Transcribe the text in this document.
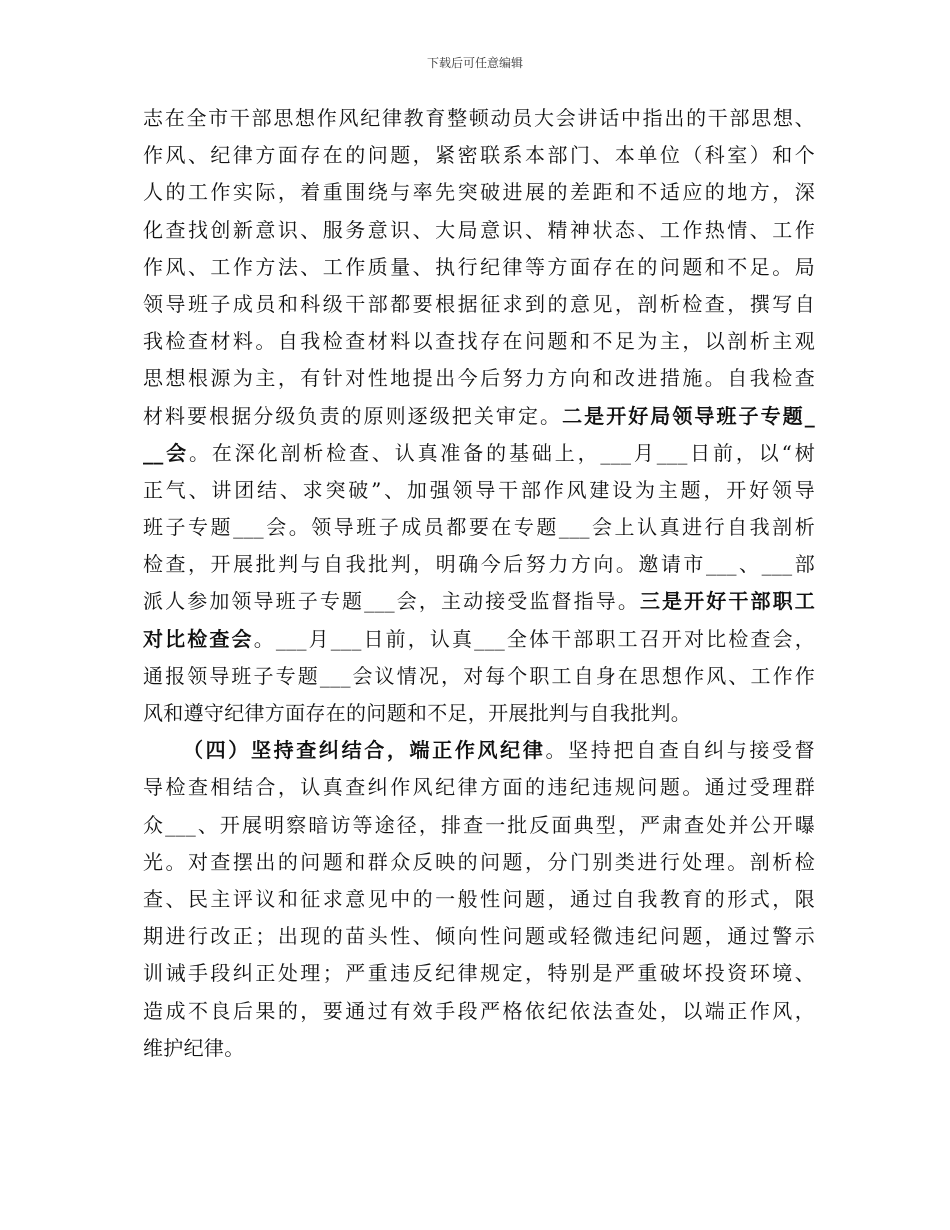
下载后可任意编辑
志在全市干部思想作风纪律教育整顿动员大会讲话中指出的干部思想、
作风、纪律方面存在的问题，紧密联系本部门、本单位（科室）和个
人的工作实际，着重围绕与率先突破进展的差距和不适应的地方，深
化查找创新意识、服务意识、大局意识、精神状态、工作热情、工作
作风、工作方法、工作质量、执行纪律等方面存在的问题和不足。局
领导班子成员和科级干部都要根据征求到的意见，剖析检查，撰写自
我检查材料。自我检查材料以查找存在问题和不足为主，以剖析主观
思想根源为主，有针对性地提出今后努力方向和改进措施。自我检查
材料要根据分级负责的原则逐级把关审定。二是开好局领导班子专题_
__会。在深化剖析检查、认真准备的基础上，___月___日前，以“树
正气、讲团结、求突破”、加强领导干部作风建设为主题，开好领导
班子专题___会。领导班子成员都要在专题___会上认真进行自我剖析
检查，开展批判与自我批判，明确今后努力方向。邀请市___、___部
派人参加领导班子专题___会，主动接受监督指导。三是开好干部职工
对比检查会。___月___日前，认真___全体干部职工召开对比检查会，
通报领导班子专题___会议情况，对每个职工自身在思想作风、工作作
风和遵守纪律方面存在的问题和不足，开展批判与自我批判。
（四）坚持查纠结合，端正作风纪律。坚持把自查自纠与接受督
导检查相结合，认真查纠作风纪律方面的违纪违规问题。通过受理群
众___、开展明察暗访等途径，排查一批反面典型，严肃查处并公开曝
光。对查摆出的问题和群众反映的问题，分门别类进行处理。剖析检
查、民主评议和征求意见中的一般性问题，通过自我教育的形式，限
期进行改正；出现的苗头性、倾向性问题或轻微违纪问题，通过警示
训诫手段纠正处理；严重违反纪律规定，特别是严重破坏投资环境、
造成不良后果的，要通过有效手段严格依纪依法查处，以端正作风，
维护纪律。
